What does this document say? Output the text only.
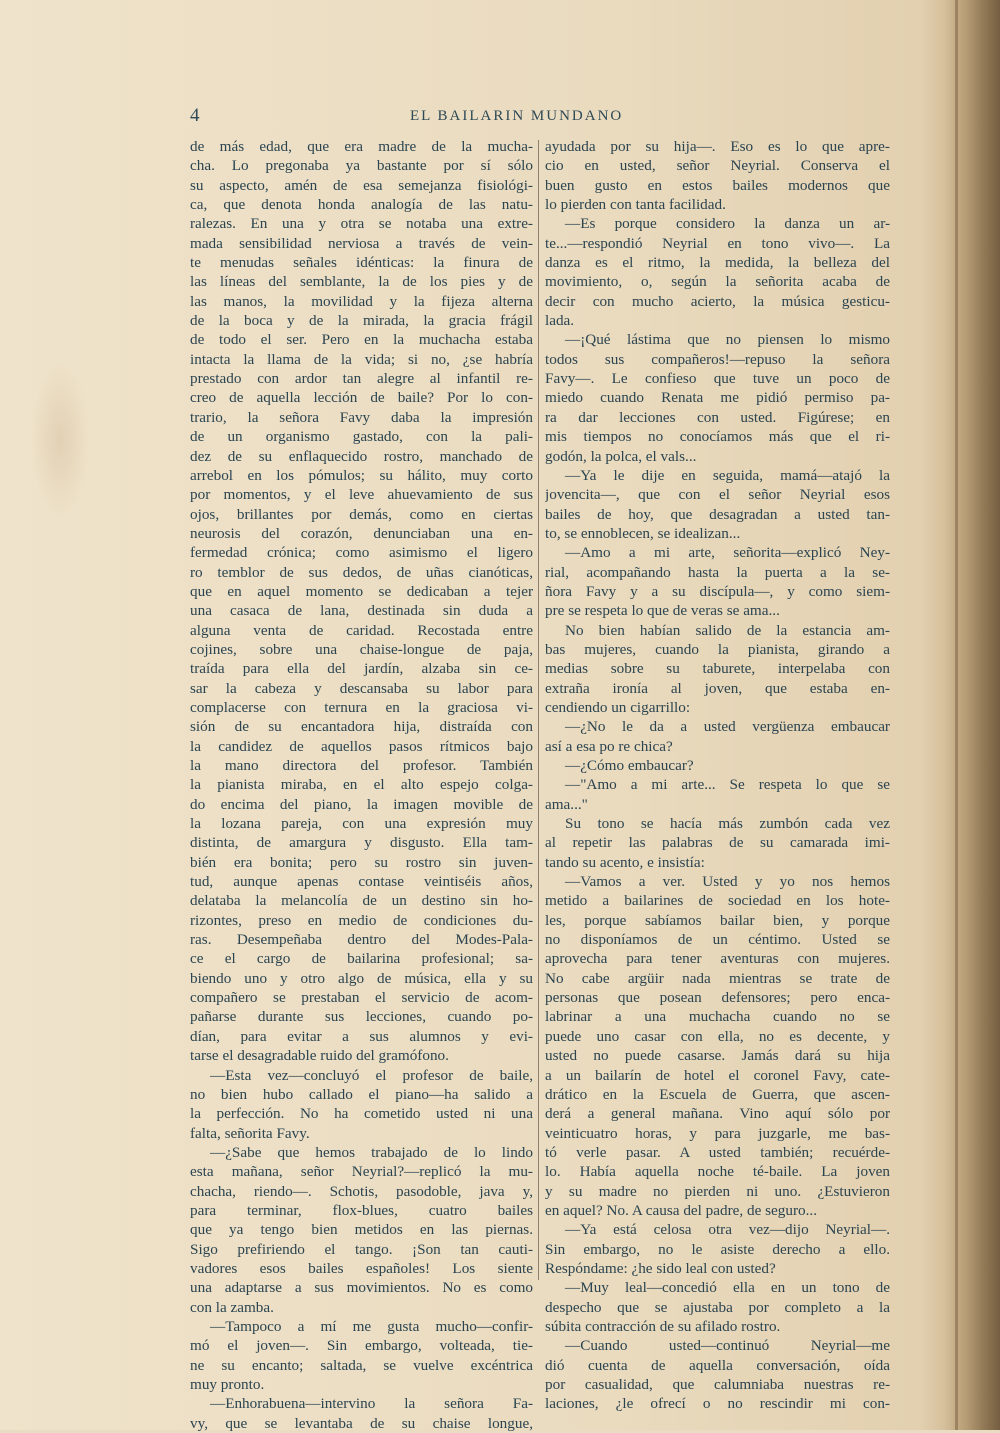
4	EL BAILARIN MUNDANO
de más edad, que era madre de la mucha-
cha. Lo pregonaba ya bastante por sí sólo
su aspecto, amén de esa semejanza fisiológi-
ca, que denota honda analogía de las natu-
ralezas. En una y otra se notaba una extre-
mada sensibilidad nerviosa a través de vein-
te menudas señales idénticas: la finura de
las líneas del semblante, la de los pies y de
las manos, la movilidad y la fijeza alterna
de la boca y de la mirada, la gracia frágil
de todo el ser. Pero en la muchacha estaba
intacta la llama de la vida; si no, ¿se habría
prestado con ardor tan alegre al infantil re-
creo de aquella lección de baile? Por lo con-
trario, la señora Favy daba la impresión
de un organismo gastado, con la pali-
dez de su enflaquecido rostro, manchado de
arrebol en los pómulos; su hálito, muy corto
por momentos, y el leve ahuevamiento de sus
ojos, brillantes por demás, como en ciertas
neurosis del corazón, denunciaban una en-
fermedad crónica; como asimismo el ligero
ro temblor de sus dedos, de uñas cianóticas,
que en aquel momento se dedicaban a tejer
una casaca de lana, destinada sin duda a
alguna venta de caridad. Recostada entre
cojines, sobre una chaise-longue de paja,
traída para ella del jardín, alzaba sin ce-
sar la cabeza y descansaba su labor para
complacerse con ternura en la graciosa vi-
sión de su encantadora hija, distraída con
la candidez de aquellos pasos rítmicos bajo
la mano directora del profesor. También
la pianista miraba, en el alto espejo colga-
do encima del piano, la imagen movible de
la lozana pareja, con una expresión muy
distinta, de amargura y disgusto. Ella tam-
bién era bonita; pero su rostro sin juven-
tud, aunque apenas contase veintiséis años,
delataba la melancolía de un destino sin ho-
rizontes, preso en medio de condiciones du-
ras. Desempeñaba dentro del Modes-Pala-
ce el cargo de bailarina profesional; sa-
biendo uno y otro algo de música, ella y su
compañero se prestaban el servicio de acom-
pañarse durante sus lecciones, cuando po-
dían, para evitar a sus alumnos y evi-
tarse el desagradable ruido del gramófono.
—Esta vez—concluyó el profesor de baile,
no bien hubo callado el piano—ha salido a
la perfección. No ha cometido usted ni una
falta, señorita Favy.
—¿Sabe que hemos trabajado de lo lindo
esta mañana, señor Neyrial?—replicó la mu-
chacha, riendo—. Schotis, pasodoble, java y,
para terminar, flox-blues, cuatro bailes
que ya tengo bien metidos en las piernas.
Sigo prefiriendo el tango. ¡Son tan cauti-
vadores esos bailes españoles! Los siente
una adaptarse a sus movimientos. No es como
con la zamba.
—Tampoco a mí me gusta mucho—confir-
mó el joven—. Sin embargo, volteada, tie-
ne su encanto; saltada, se vuelve excéntrica
muy pronto.
—Enhorabuena—intervino la señora Fa-
vy, que se levantaba de su chaise longue,
ayudada por su hija—. Eso es lo que apre-
cio en usted, señor Neyrial. Conserva el
buen gusto en estos bailes modernos que
lo pierden con tanta facilidad.
—Es porque considero la danza un ar-
te...—respondió Neyrial en tono vivo—. La
danza es el ritmo, la medida, la belleza del
movimiento, o, según la señorita acaba de
decir con mucho acierto, la música gesticu-
lada.
—¡Qué lástima que no piensen lo mismo
todos sus compañeros!—repuso la señora
Favy—. Le confieso que tuve un poco de
miedo cuando Renata me pidió permiso pa-
ra dar lecciones con usted. Figúrese; en
mis tiempos no conocíamos más que el ri-
godón, la polca, el vals...
—Ya le dije en seguida, mamá—atajó la
jovencita—, que con el señor Neyrial esos
bailes de hoy, que desagradan a usted tan-
to, se ennoblecen, se idealizan...
—Amo a mi arte, señorita—explicó Ney-
rial, acompañando hasta la puerta a la se-
ñora Favy y a su discípula—, y como siem-
pre se respeta lo que de veras se ama...
No bien habían salido de la estancia am-
bas mujeres, cuando la pianista, girando a
medias sobre su taburete, interpelaba con
extraña ironía al joven, que estaba en-
cendiendo un cigarrillo:
—¿No le da a usted vergüenza embaucar
así a esa po re chica?
—¿Cómo embaucar?
—"Amo a mi arte... Se respeta lo que se
ama..."
Su tono se hacía más zumbón cada vez
al repetir las palabras de su camarada imi-
tando su acento, e insistía:
—Vamos a ver. Usted y yo nos hemos
metido a bailarines de sociedad en los hote-
les, porque sabíamos bailar bien, y porque
no disponíamos de un céntimo. Usted se
aprovecha para tener aventuras con mujeres.
No cabe argüir nada mientras se trate de
personas que posean defensores; pero enca-
labrinar a una muchacha cuando no se
puede uno casar con ella, no es decente, y
usted no puede casarse. Jamás dará su hija
a un bailarín de hotel el coronel Favy, cate-
drático en la Escuela de Guerra, que ascen-
derá a general mañana. Vino aquí sólo por
veinticuatro horas, y para juzgarle, me bas-
tó verle pasar. A usted también; recuérde-
lo. Había aquella noche té-baile. La joven
y su madre no pierden ni uno. ¿Estuvieron
en aquel? No. A causa del padre, de seguro...
—Ya está celosa otra vez—dijo Neyrial—.
Sin embargo, no le asiste derecho a ello.
Respóndame: ¿he sido leal con usted?
—Muy leal—concedió ella en un tono de
despecho que se ajustaba por completo a la
súbita contracción de su afilado rostro.
—Cuando usted—continuó Neyrial—me
dió cuenta de aquella conversación, oída
por casualidad, que calumniaba nuestras re-
laciones, ¿le ofrecí o no rescindir mi con-
